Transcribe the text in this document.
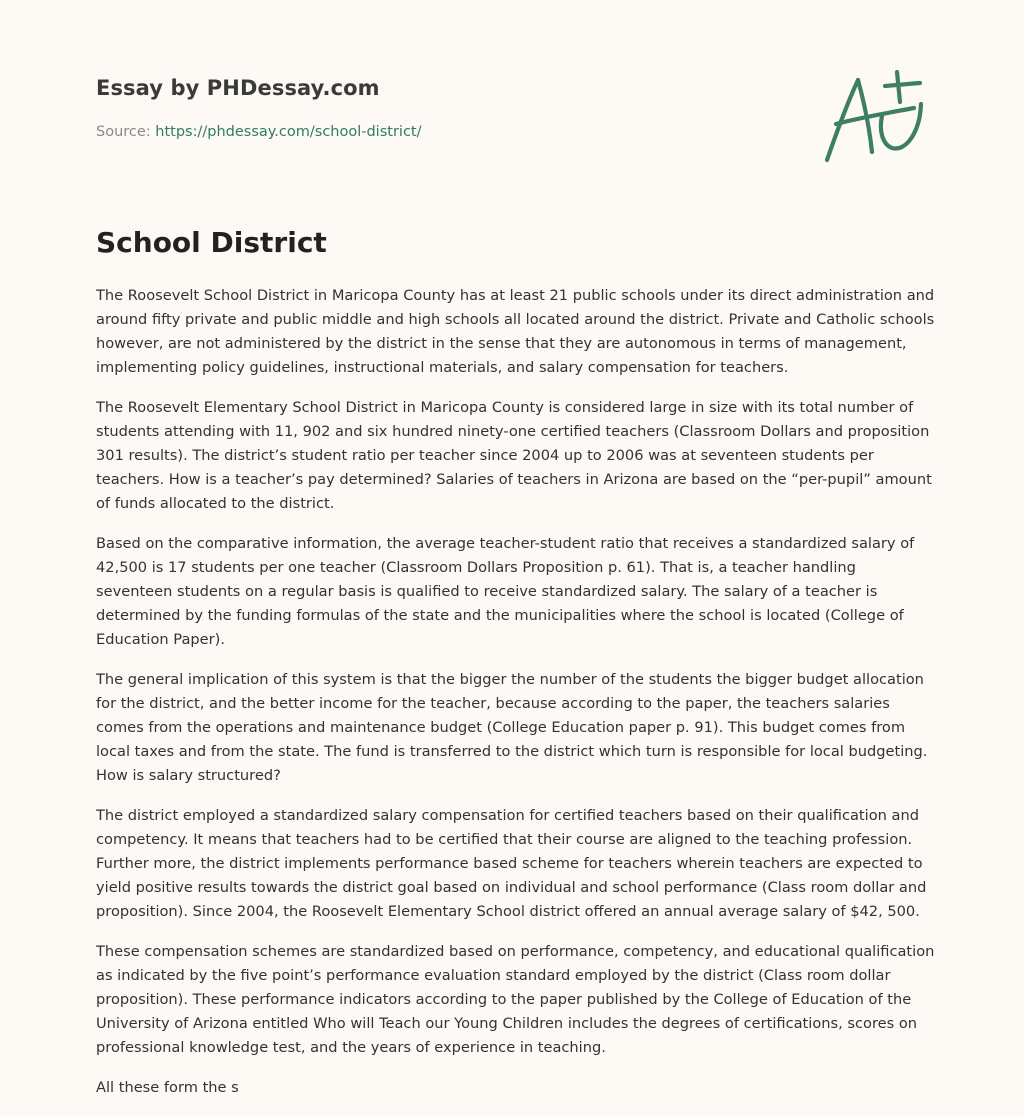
Essay by PHDessay.com
Source: https://phdessay.com/school-district/
School District

The Roosevelt School District in Maricopa County has at least 21 public schools under its direct administration and around fifty private and public middle and high schools all located around the district. Private and Catholic schools however, are not administered by the district in the sense that they are autonomous in terms of management, implementing policy guidelines, instructional materials, and salary compensation for teachers.

The Roosevelt Elementary School District in Maricopa County is considered large in size with its total number of students attending with 11, 902 and six hundred ninety-one certified teachers (Classroom Dollars and proposition 301 results). The district’s student ratio per teacher since 2004 up to 2006 was at seventeen students per teachers. How is a teacher’s pay determined? Salaries of teachers in Arizona are based on the “per-pupil” amount of funds allocated to the district.

Based on the comparative information, the average teacher-student ratio that receives a standardized salary of 42,500 is 17 students per one teacher (Classroom Dollars Proposition p. 61). That is, a teacher handling seventeen students on a regular basis is qualified to receive standardized salary. The salary of a teacher is determined by the funding formulas of the state and the municipalities where the school is located (College of Education Paper).

The general implication of this system is that the bigger the number of the students the bigger budget allocation for the district, and the better income for the teacher, because according to the paper, the teachers salaries comes from the operations and maintenance budget (College Education paper p. 91). This budget comes from local taxes and from the state. The fund is transferred to the district which turn is responsible for local budgeting. How is salary structured?

The district employed a standardized salary compensation for certified teachers based on their qualification and competency. It means that teachers had to be certified that their course are aligned to the teaching profession. Further more, the district implements performance based scheme for teachers wherein teachers are expected to yield positive results towards the district goal based on individual and school performance (Class room dollar and proposition). Since 2004, the Roosevelt Elementary School district offered an annual average salary of $42, 500.

These compensation schemes are standardized based on performance, competency, and educational qualification as indicated by the five point’s performance evaluation standard employed by the district (Class room dollar proposition). These performance indicators according to the paper published by the College of Education of the University of Arizona entitled Who will Teach our Young Children includes the degrees of certifications, scores on professional knowledge test, and the years of experience in teaching.

All these form the s
